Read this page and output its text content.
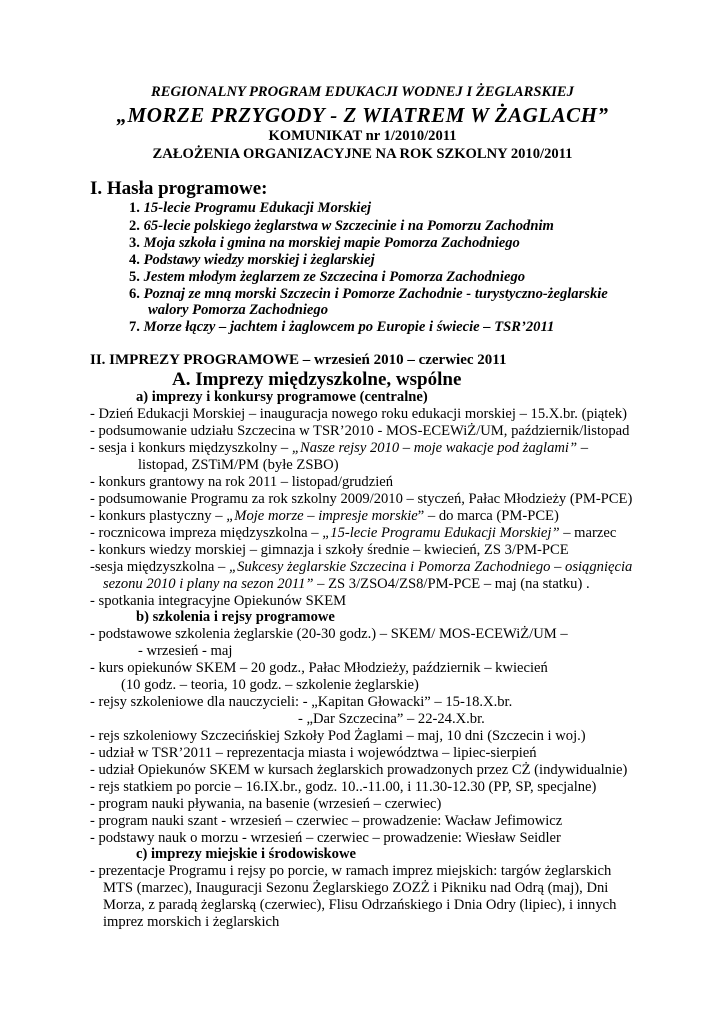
REGIONALNY PROGRAM EDUKACJI WODNEJ I ŻEGLARSKIEJ
„MORZE PRZYGODY - Z WIATREM W ŻAGLACH”
KOMUNIKAT nr 1/2010/2011
ZAŁOŻENIA ORGANIZACYJNE NA ROK SZKOLNY 2010/2011
I. Hasła programowe:
1. 15-lecie Programu Edukacji Morskiej
2. 65-lecie polskiego żeglarstwa w Szczecinie i na Pomorzu Zachodnim
3. Moja szkoła i gmina na morskiej mapie Pomorza Zachodniego
4. Podstawy wiedzy morskiej i żeglarskiej
5. Jestem młodym żeglarzem ze Szczecina i Pomorza Zachodniego
6. Poznaj ze mną morski Szczecin i Pomorze Zachodnie - turystyczno-żeglarskie
walory Pomorza Zachodniego
7. Morze łączy – jachtem i żaglowcem po Europie i świecie – TSR’2011
II. IMPREZY PROGRAMOWE – wrzesień 2010 – czerwiec 2011
A. Imprezy międzyszkolne, wspólne
a) imprezy i konkursy programowe (centralne)
- Dzień Edukacji Morskiej – inauguracja nowego roku edukacji morskiej – 15.X.br. (piątek)
- podsumowanie udziału Szczecina w TSR’2010 - MOS-ECEWiŻ/UM, październik/listopad
- sesja i konkurs międzyszkolny – „Nasze rejsy 2010 – moje wakacje pod żaglami” –
listopad, ZSTiM/PM (byłe ZSBO)
- konkurs grantowy na rok 2011 – listopad/grudzień
- podsumowanie Programu za rok szkolny 2009/2010 – styczeń, Pałac Młodzieży (PM-PCE)
- konkurs plastyczny – „Moje morze – impresje morskie” – do marca (PM-PCE)
- rocznicowa impreza międzyszkolna – „15-lecie Programu Edukacji Morskiej” – marzec
- konkurs wiedzy morskiej – gimnazja i szkoły średnie – kwiecień, ZS 3/PM-PCE
-sesja międzyszkolna – „Sukcesy żeglarskie Szczecina i Pomorza Zachodniego – osiągnięcia
sezonu 2010 i plany na sezon 2011” – ZS 3/ZSO4/ZS8/PM-PCE – maj (na statku) .
- spotkania integracyjne Opiekunów SKEM
b) szkolenia i rejsy programowe
- podstawowe szkolenia żeglarskie (20-30 godz.) – SKEM/ MOS-ECEWiŻ/UM –
- wrzesień - maj
- kurs opiekunów SKEM – 20 godz., Pałac Młodzieży, październik – kwiecień
(10 godz. – teoria, 10 godz. – szkolenie żeglarskie)
- rejsy szkoleniowe dla nauczycieli: - „Kapitan Głowacki” – 15-18.X.br.
- „Dar Szczecina” – 22-24.X.br.
- rejs szkoleniowy Szczecińskiej Szkoły Pod Żaglami – maj, 10 dni (Szczecin i woj.)
- udział w TSR’2011 – reprezentacja miasta i województwa – lipiec-sierpień
- udział Opiekunów SKEM w kursach żeglarskich prowadzonych przez CŻ (indywidualnie)
- rejs statkiem po porcie – 16.IX.br., godz. 10..-11.00, i 11.30-12.30 (PP, SP, specjalne)
- program nauki pływania, na basenie (wrzesień – czerwiec)
- program nauki szant - wrzesień – czerwiec – prowadzenie: Wacław Jefimowicz
- podstawy nauk o morzu - wrzesień – czerwiec – prowadzenie: Wiesław Seidler
c) imprezy miejskie i środowiskowe
- prezentacje Programu i rejsy po porcie, w ramach imprez miejskich: targów żeglarskich
MTS (marzec), Inauguracji Sezonu Żeglarskiego ZOZŻ i Pikniku nad Odrą (maj), Dni
Morza, z paradą żeglarską (czerwiec), Flisu Odrzańskiego i Dnia Odry (lipiec), i innych
imprez morskich i żeglarskich
